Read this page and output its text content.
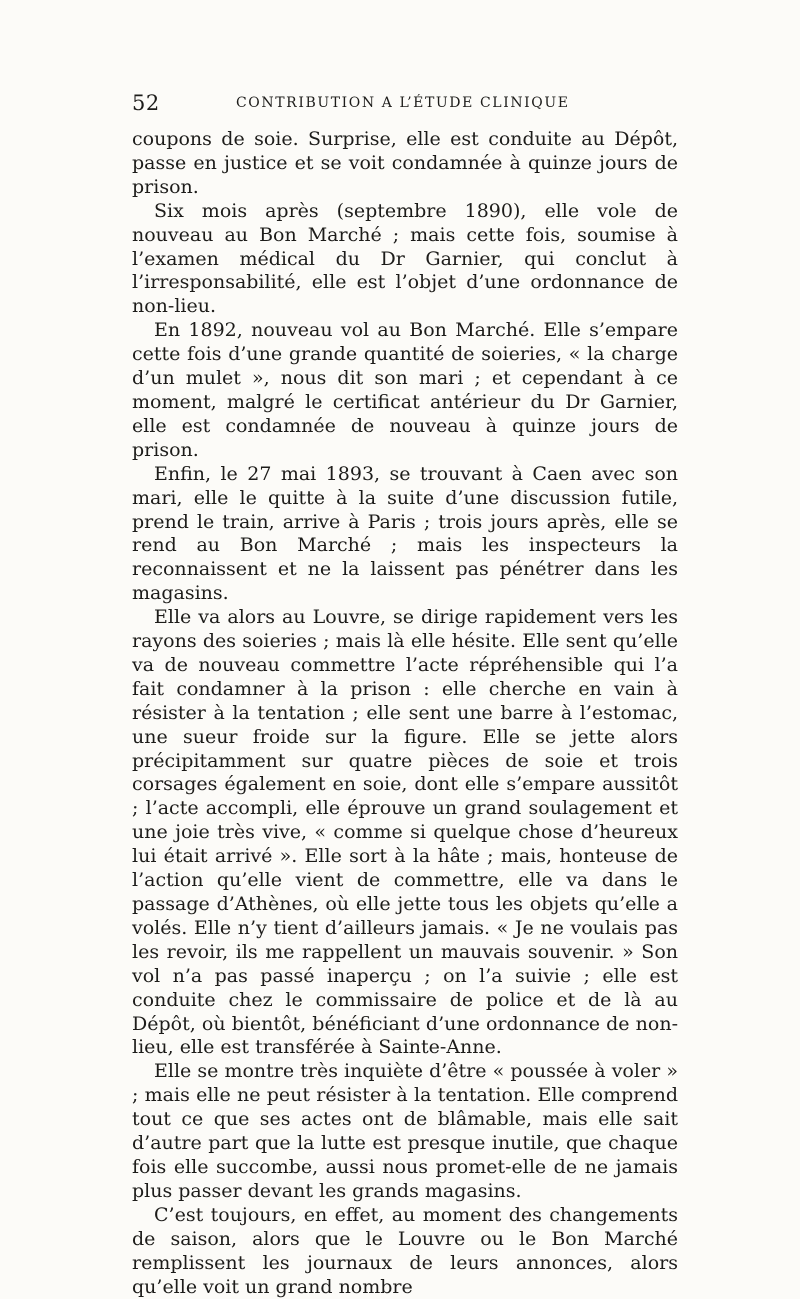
52	CONTRIBUTION A L’ÉTUDE CLINIQUE

coupons de soie. Surprise, elle est conduite au Dépôt, passe en justice et se voit condamnée à quinze jours de prison.

Six mois après (septembre 1890), elle vole de nouveau au Bon Marché ; mais cette fois, soumise à l’examen médical du Dr Garnier, qui conclut à l’irresponsabilité, elle est l’objet d’une ordonnance de non-lieu.

En 1892, nouveau vol au Bon Marché. Elle s’empare cette fois d’une grande quantité de soieries, « la charge d’un mulet », nous dit son mari ; et cependant à ce moment, malgré le certificat antérieur du Dr Garnier, elle est condamnée de nouveau à quinze jours de prison.

Enfin, le 27 mai 1893, se trouvant à Caen avec son mari, elle le quitte à la suite d’une discussion futile, prend le train, arrive à Paris ; trois jours après, elle se rend au Bon Marché ; mais les inspecteurs la reconnaissent et ne la laissent pas pénétrer dans les magasins.

Elle va alors au Louvre, se dirige rapidement vers les rayons des soieries ; mais là elle hésite. Elle sent qu’elle va de nouveau commettre l’acte répréhensible qui l’a fait condamner à la prison : elle cherche en vain à résister à la tentation ; elle sent une barre à l’estomac, une sueur froide sur la figure. Elle se jette alors précipitamment sur quatre pièces de soie et trois corsages également en soie, dont elle s’empare aussitôt ; l’acte accompli, elle éprouve un grand soulagement et une joie très vive, « comme si quelque chose d’heureux lui était arrivé ». Elle sort à la hâte ; mais, honteuse de l’action qu’elle vient de commettre, elle va dans le passage d’Athènes, où elle jette tous les objets qu’elle a volés. Elle n’y tient d’ailleurs jamais. « Je ne voulais pas les revoir, ils me rappellent un mauvais souvenir. » Son vol n’a pas passé inaperçu ; on l’a suivie ; elle est conduite chez le commissaire de police et de là au Dépôt, où bientôt, bénéficiant d’une ordonnance de non-lieu, elle est transférée à Sainte-Anne.

Elle se montre très inquiète d’être « poussée à voler » ; mais elle ne peut résister à la tentation. Elle comprend tout ce que ses actes ont de blâmable, mais elle sait d’autre part que la lutte est presque inutile, que chaque fois elle succombe, aussi nous promet-elle de ne jamais plus passer devant les grands magasins.

C’est toujours, en effet, au moment des changements de saison, alors que le Louvre ou le Bon Marché remplissent les journaux de leurs annonces, alors qu’elle voit un grand nombre
